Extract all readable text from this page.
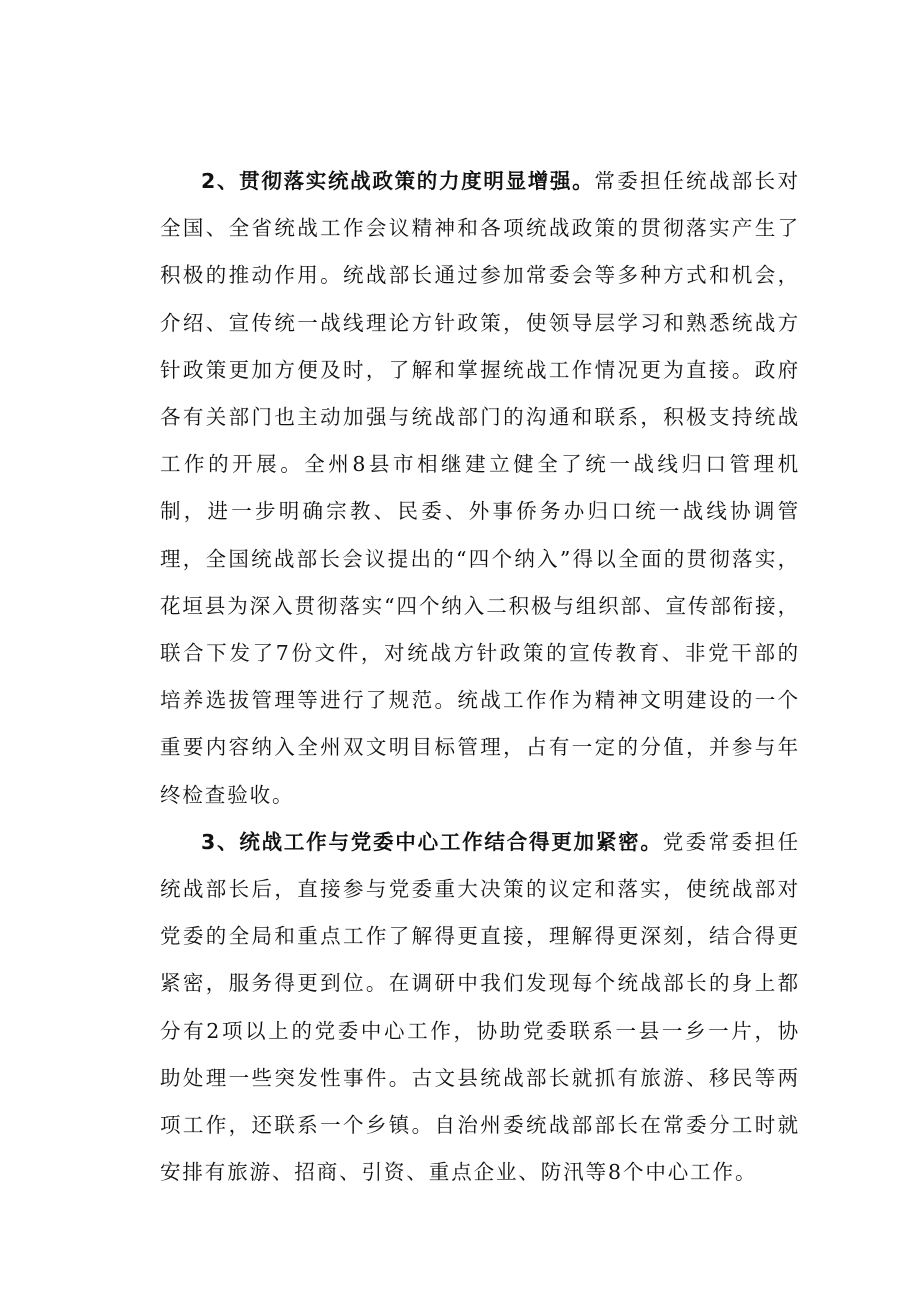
2、贯彻落实统战政策的力度明显增强。常委担任统战部长对全国、全省统战工作会议精神和各项统战政策的贯彻落实产生了积极的推动作用。统战部长通过参加常委会等多种方式和机会，介绍、宣传统一战线理论方针政策，使领导层学习和熟悉统战方针政策更加方便及时，了解和掌握统战工作情况更为直接。政府各有关部门也主动加强与统战部门的沟通和联系，积极支持统战工作的开展。全州8县市相继建立健全了统一战线归口管理机制，进一步明确宗教、民委、外事侨务办归口统一战线协调管理，全国统战部长会议提出的“四个纳入”得以全面的贯彻落实，花垣县为深入贯彻落实“四个纳入二积极与组织部、宣传部衔接，联合下发了7份文件，对统战方针政策的宣传教育、非党干部的培养选拔管理等进行了规范。统战工作作为精神文明建设的一个重要内容纳入全州双文明目标管理，占有一定的分值，并参与年终检查验收。

3、统战工作与党委中心工作结合得更加紧密。党委常委担任统战部长后，直接参与党委重大决策的议定和落实，使统战部对党委的全局和重点工作了解得更直接，理解得更深刻，结合得更紧密，服务得更到位。在调研中我们发现每个统战部长的身上都分有2项以上的党委中心工作，协助党委联系一县一乡一片，协助处理一些突发性事件。古文县统战部长就抓有旅游、移民等两项工作，还联系一个乡镇。自治州委统战部部长在常委分工时就安排有旅游、招商、引资、重点企业、防汛等8个中心工作。
